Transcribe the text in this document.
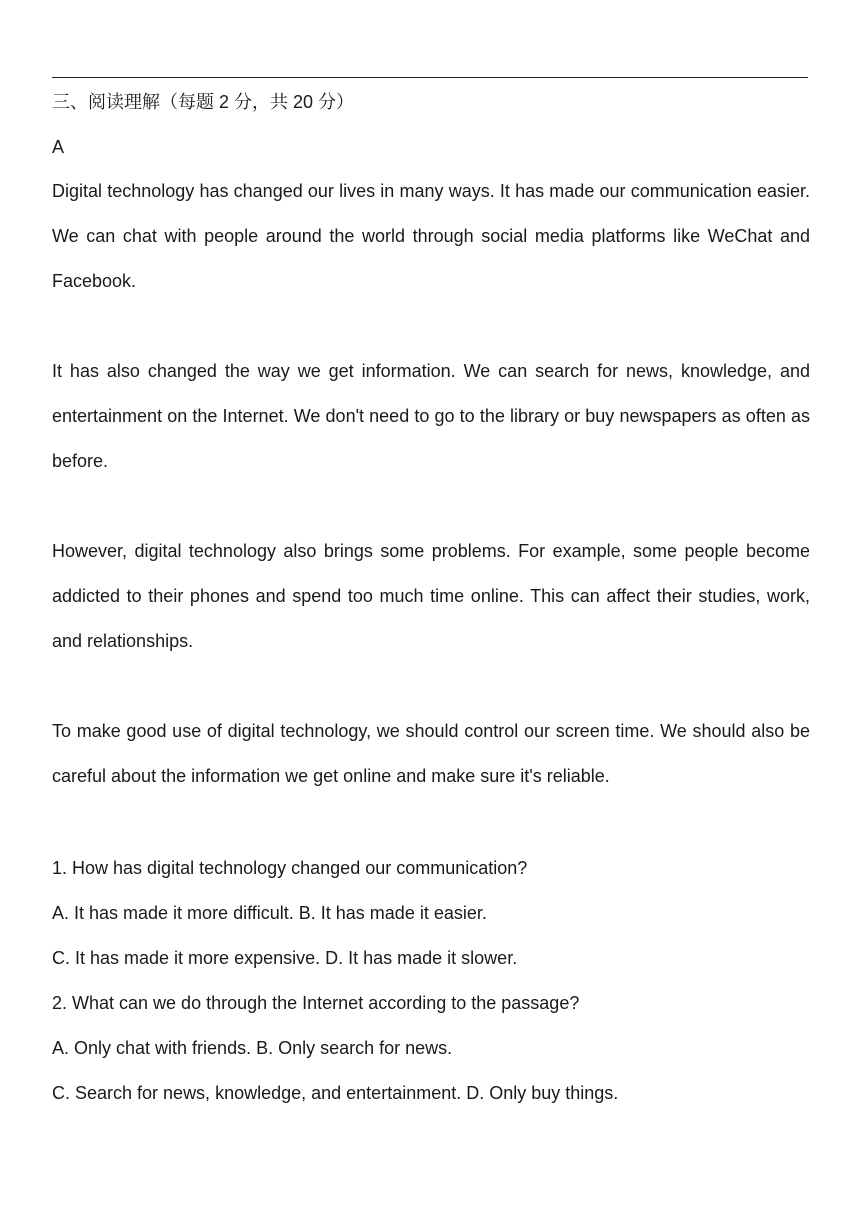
三、阅读理解（每题 2 分，共 20 分）
A

Digital technology has changed our lives in many ways. It has made our communication easier. We can chat with people around the world through social media platforms like WeChat and Facebook.

It has also changed the way we get information. We can search for news, knowledge, and entertainment on the Internet. We don't need to go to the library or buy newspapers as often as before.

However, digital technology also brings some problems. For example, some people become addicted to their phones and spend too much time online. This can affect their studies, work, and relationships.

To make good use of digital technology, we should control our screen time. We should also be careful about the information we get online and make sure it's reliable.

1. How has digital technology changed our communication?
A. It has made it more difficult. B. It has made it easier.
C. It has made it more expensive. D. It has made it slower.
2. What can we do through the Internet according to the passage?
A. Only chat with friends. B. Only search for news.
C. Search for news, knowledge, and entertainment. D. Only buy things.
